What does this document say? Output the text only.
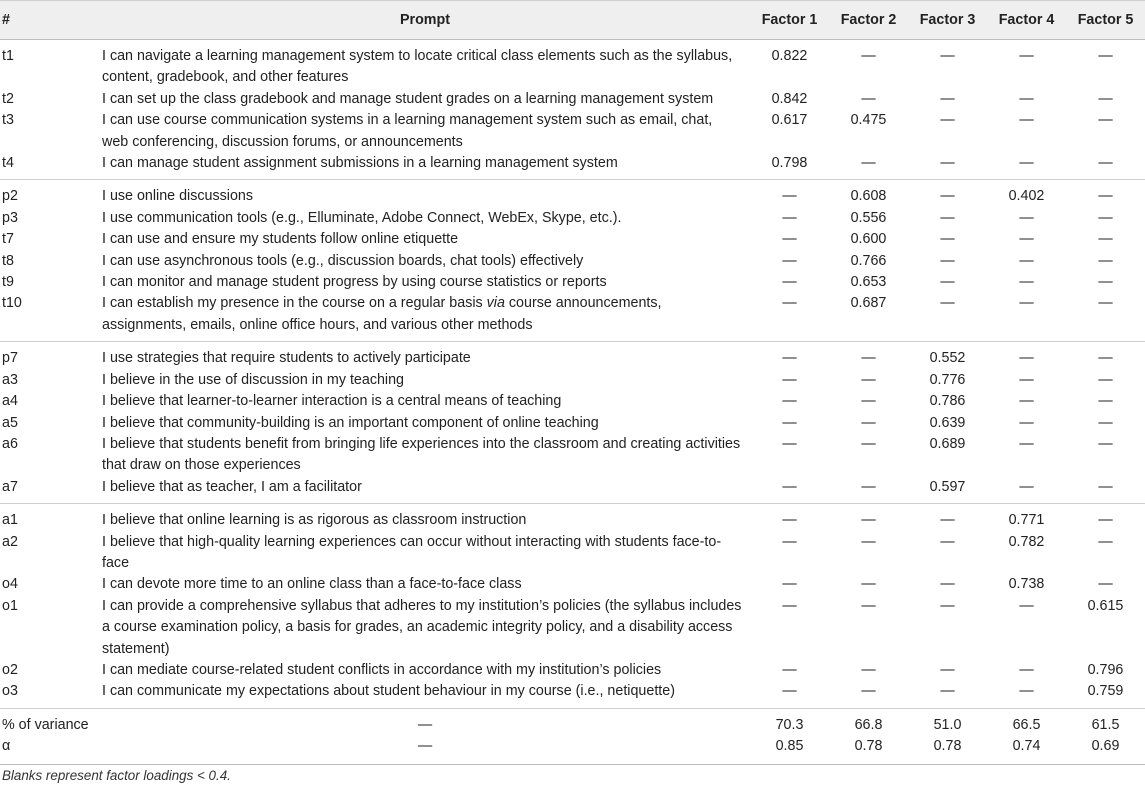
#	Prompt	Factor 1	Factor 2	Factor 3	Factor 4	Factor 5
t1	I can navigate a learning management system to locate critical class elements such as the syllabus, content, gradebook, and other features	0.822	—	—	—	—
t2	I can set up the class gradebook and manage student grades on a learning management system	0.842	—	—	—	—
t3	I can use course communication systems in a learning management system such as email, chat, web conferencing, discussion forums, or announcements	0.617	0.475	—	—	—
t4	I can manage student assignment submissions in a learning management system	0.798	—	—	—	—
p2	I use online discussions	—	0.608	—	0.402	—
p3	I use communication tools (e.g., Elluminate, Adobe Connect, WebEx, Skype, etc.).	—	0.556	—	—	—
t7	I can use and ensure my students follow online etiquette	—	0.600	—	—	—
t8	I can use asynchronous tools (e.g., discussion boards, chat tools) effectively	—	0.766	—	—	—
t9	I can monitor and manage student progress by using course statistics or reports	—	0.653	—	—	—
t10	I can establish my presence in the course on a regular basis via course announcements, assignments, emails, online office hours, and various other methods	—	0.687	—	—	—
p7	I use strategies that require students to actively participate	—	—	0.552	—	—
a3	I believe in the use of discussion in my teaching	—	—	0.776	—	—
a4	I believe that learner-to-learner interaction is a central means of teaching	—	—	0.786	—	—
a5	I believe that community-building is an important component of online teaching	—	—	0.639	—	—
a6	I believe that students benefit from bringing life experiences into the classroom and creating activities that draw on those experiences	—	—	0.689	—	—
a7	I believe that as teacher, I am a facilitator	—	—	0.597	—	—
a1	I believe that online learning is as rigorous as classroom instruction	—	—	—	0.771	—
a2	I believe that high-quality learning experiences can occur without interacting with students face-to-face	—	—	—	0.782	—
o4	I can devote more time to an online class than a face-to-face class	—	—	—	0.738	—
o1	I can provide a comprehensive syllabus that adheres to my institution’s policies (the syllabus includes a course examination policy, a basis for grades, an academic integrity policy, and a disability access statement)	—	—	—	—	0.615
o2	I can mediate course-related student conflicts in accordance with my institution’s policies	—	—	—	—	0.796
o3	I can communicate my expectations about student behaviour in my course (i.e., netiquette)	—	—	—	—	0.759
% of variance	—	70.3	66.8	51.0	66.5	61.5
α	—	0.85	0.78	0.78	0.74	0.69
Blanks represent factor loadings < 0.4.
